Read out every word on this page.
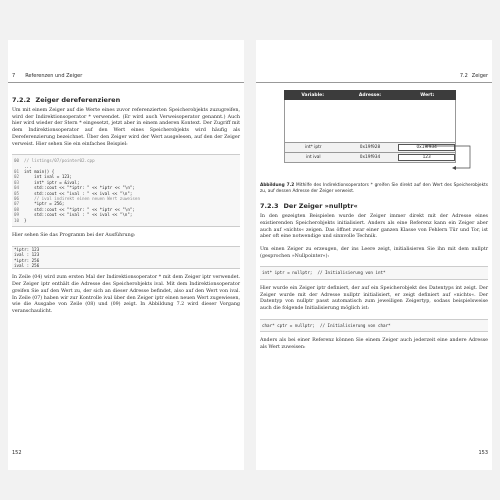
7 Referenzen und Zeiger
7.2.2 Zeiger dereferenzieren

Um mit einem Zeiger auf die Werte eines zuvor referenzierten Speicherobjekts zuzugreifen, wird der Indirektionsoperator * verwendet. (Er wird auch Verweisoperator genannt.) Auch hier wird wieder der Stern * eingesetzt, jetzt aber in einem anderen Kontext. Der Zugriff mit dem Indirektionsoperator auf den Wert eines Speicherobjekts wird häufig als Dereferenzierung bezeichnet. Über den Zeiger wird der Wert ausgelesen, auf den der Zeiger verweist. Hier sehen Sie ein einfaches Beispiel:

00 // listings/07/pointer02.cpp
...
01 int main() {
02    int ival = 123;
03    int* iptr = &ival;
04    std::cout << "*iptr: " << *iptr << "\n";
05    std::cout << "ival : " << ival << "\n";
06    // ival indirekt einen neuen Wert zuweisen
07    *iptr = 256;
08    std::cout << "*iptr: " << *iptr << "\n";
09    std::cout << "ival : " << ival << "\n";
10 }

Hier sehen Sie das Programm bei der Ausführung:

*iptr: 123
ival : 123
*iptr: 256
ival : 256

In Zeile (04) wird zum ersten Mal der Indirektionsoperator * mit dem Zeiger iptr verwendet. Der Zeiger iptr enthält die Adresse des Speicherobjekts ival. Mit dem Indirektionsoperator greifen Sie auf den Wert zu, der sich an dieser Adresse befindet, also auf den Wert von ival. In Zeile (07) haben wir zur Kontrolle ival über den Zeiger iptr einen neuen Wert zugewiesen, wie die Ausgabe von Zeile (08) und (09) zeigt. In Abbildung 7.2 wird dieser Vorgang veranschaulicht.

152
7.2 Zeiger
Variable:	Adresse:	Wert:
int* iptr	0x19f928	0x19f934
int ival	0x19f934	123

Abbildung 7.2 Mithilfe des Indirektionsoperators * greifen Sie direkt auf den Wert des Speicherobjekts zu, auf dessen Adresse der Zeiger verweist.

7.2.3 Der Zeiger »nullptr«

In den gezeigten Beispielen wurde der Zeiger immer direkt mit der Adresse eines existierenden Speicherobjekts initialisiert. Anders als eine Referenz kann ein Zeiger aber auch auf »nichts« zeigen. Das öffnet zwar einer ganzen Klasse von Fehlern Tür und Tor, ist aber oft eine notwendige und sinnvolle Technik.

Um einen Zeiger zu erzeugen, der ins Leere zeigt, initialisieren Sie ihn mit dem nullptr (gesprochen »Nullpointer«):

int* iptr = nullptr;  // Initialisierung von int*

Hier wurde ein Zeiger iptr definiert, der auf ein Speicherobjekt des Datentyps int zeigt. Der Zeiger wurde mit der Adresse nullptr initialisiert, er zeigt definiert auf »nichts«. Der Datentyp von nullptr passt automatisch zum jeweiligen Zeigertyp, sodass beispielsweise auch die folgende Initialisierung möglich ist:

char* cptr = nullptr;  // Initialisierung von char*

Anders als bei einer Referenz können Sie einem Zeiger auch jederzeit eine andere Adresse als Wert zuweisen:

153
